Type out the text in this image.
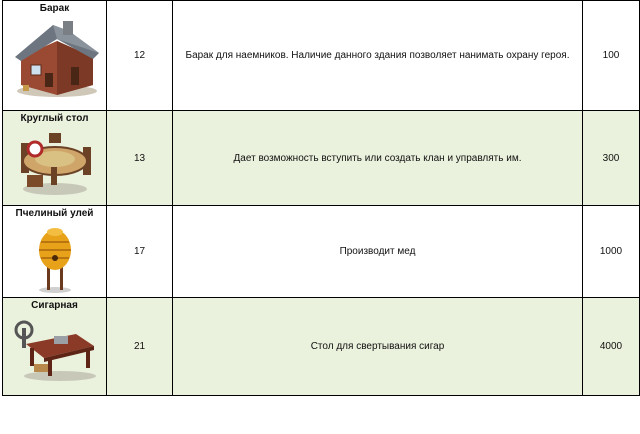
Барак	12	Барак для наемников. Наличие данного здания позволяет нанимать охрану героя.	100

Круглый стол	13	Дает возможность вступить или создать клан и управлять им.	300

Пчелиный улей	17	Производит мед	1000

Сигарная	21	Стол для свертывания сигар	4000
